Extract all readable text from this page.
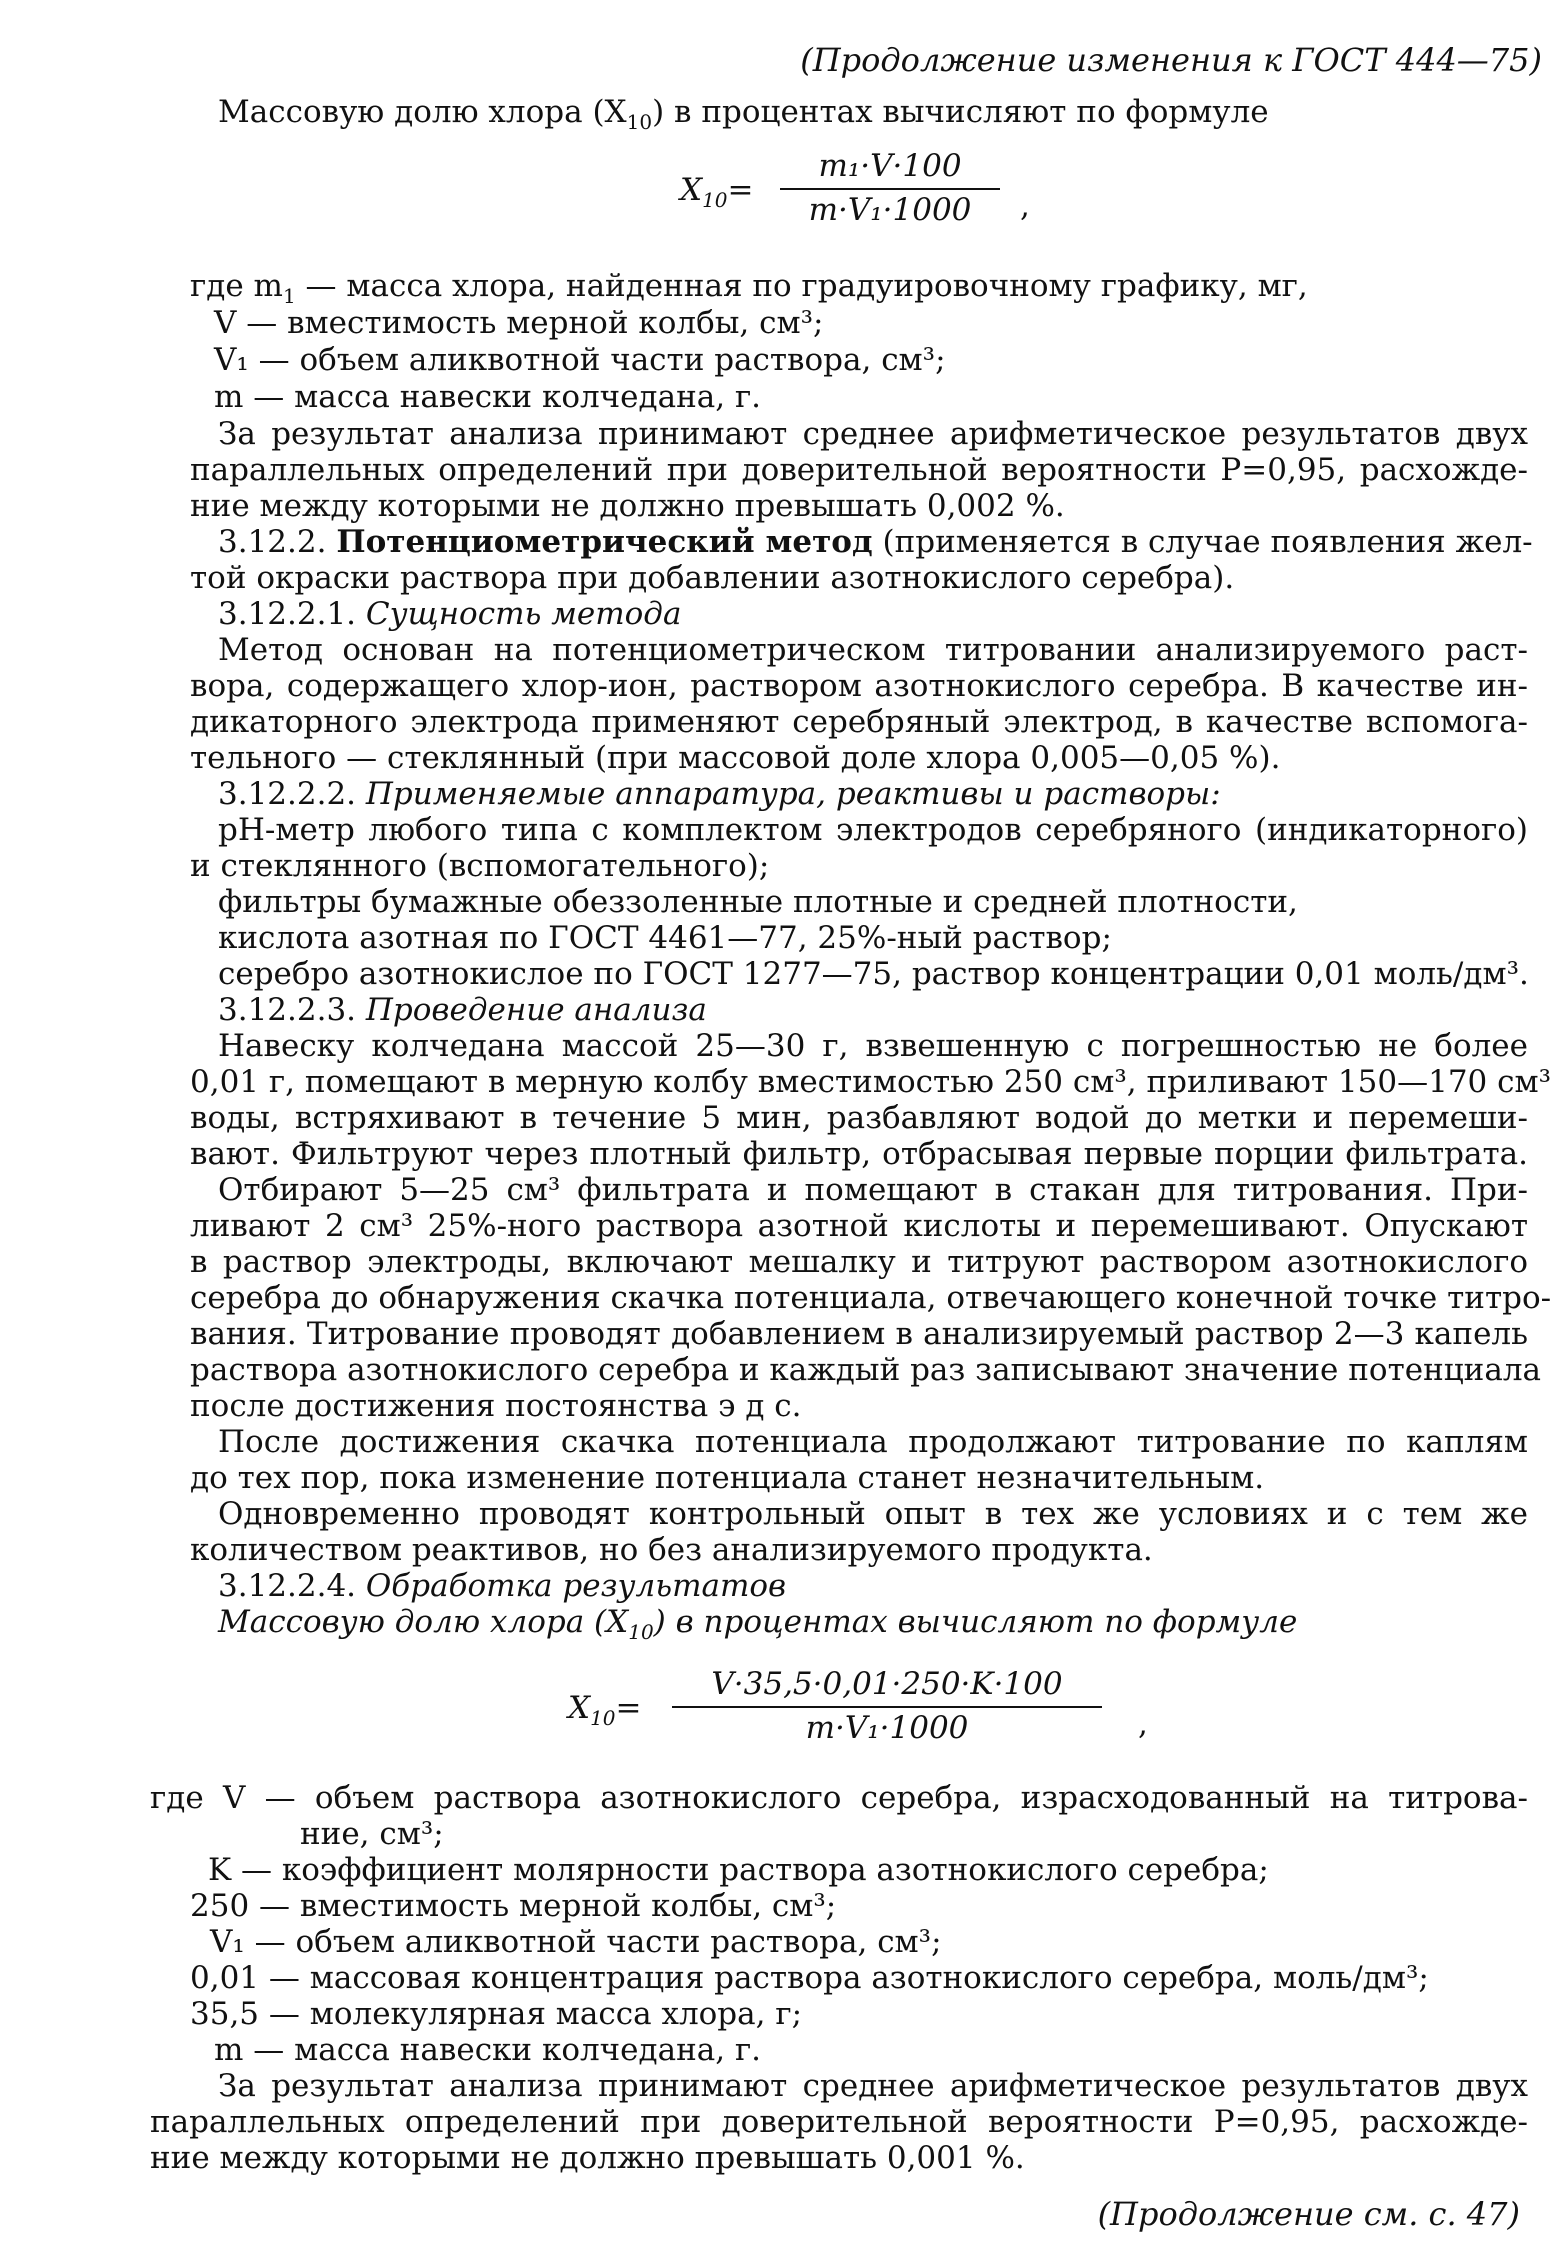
(Продолжение изменения к ГОСТ 444—75)
Массовую долю хлора $(X_{10})$ в процентах вычисляют по формуле
$X_{10}=$
m₁·V·100
m·V₁·1000	,
где $m_1$ — масса хлора, найденная по градуировочному графику, мг,
V — вместимость мерной колбы, см³;
V₁ — объем аликвотной части раствора, см³;
m — масса навески колчедана, г.
За результат анализа принимают среднее арифметическое результатов двух
параллельных определений при доверительной вероятности P=0,95, расхожде-
ние между которыми не должно превышать 0,002 %.
3.12.2. Потенциометрический метод (применяется в случае появления жел-
той окраски раствора при добавлении азотнокислого серебра).
3.12.2.1. Сущность метода
Метод основан на потенциометрическом титровании анализируемого раст-
вора, содержащего хлор-ион, раствором азотнокислого серебра. В качестве ин-
дикаторного электрода применяют серебряный электрод, в качестве вспомога-
тельного — стеклянный (при массовой доле хлора 0,005—0,05 %).
3.12.2.2. Применяемые аппаратура, реактивы и растворы:
pH-метр любого типа с комплектом электродов серебряного (индикаторного)
и стеклянного (вспомогательного);
фильтры бумажные обеззоленные плотные и средней плотности,
кислота азотная по ГОСТ 4461—77, 25%-ный раствор;
серебро азотнокислое по ГОСТ 1277—75, раствор концентрации 0,01 моль/дм³.
3.12.2.3. Проведение анализа
Навеску колчедана массой 25—30 г, взвешенную с погрешностью не более
0,01 г, помещают в мерную колбу вместимостью 250 см³, приливают 150—170 см³
воды, встряхивают в течение 5 мин, разбавляют водой до метки и перемеши-
вают. Фильтруют через плотный фильтр, отбрасывая первые порции фильтрата.
Отбирают 5—25 см³ фильтрата и помещают в стакан для титрования. При-
ливают 2 см³ 25%-ного раствора азотной кислоты и перемешивают. Опускают
в раствор электроды, включают мешалку и титруют раствором азотнокислого
серебра до обнаружения скачка потенциала, отвечающего конечной точке титро-
вания. Титрование проводят добавлением в анализируемый раствор 2—3 капель
раствора азотнокислого серебра и каждый раз записывают значение потенциала
после достижения постоянства э д с.
После достижения скачка потенциала продолжают титрование по каплям
до тех пор, пока изменение потенциала станет незначительным.
Одновременно проводят контрольный опыт в тех же условиях и с тем же
количеством реактивов, но без анализируемого продукта.
3.12.2.4. Обработка результатов
Массовую долю хлора $(X_{10})$ в процентах вычисляют по формуле
$X_{10}=$
V·35,5·0,01·250·K·100
m·V₁·1000	,
где V — объем раствора азотнокислого серебра, израсходованный на титрова-
ние, см³;
K — коэффициент молярности раствора азотнокислого серебра;
250 — вместимость мерной колбы, см³;
V₁ — объем аликвотной части раствора, см³;
0,01 — массовая концентрация раствора азотнокислого серебра, моль/дм³;
35,5 — молекулярная масса хлора, г;
m — масса навески колчедана, г.
За результат анализа принимают среднее арифметическое результатов двух
параллельных определений при доверительной вероятности P=0,95, расхожде-
ние между которыми не должно превышать 0,001 %.
(Продолжение см. с. 47)
